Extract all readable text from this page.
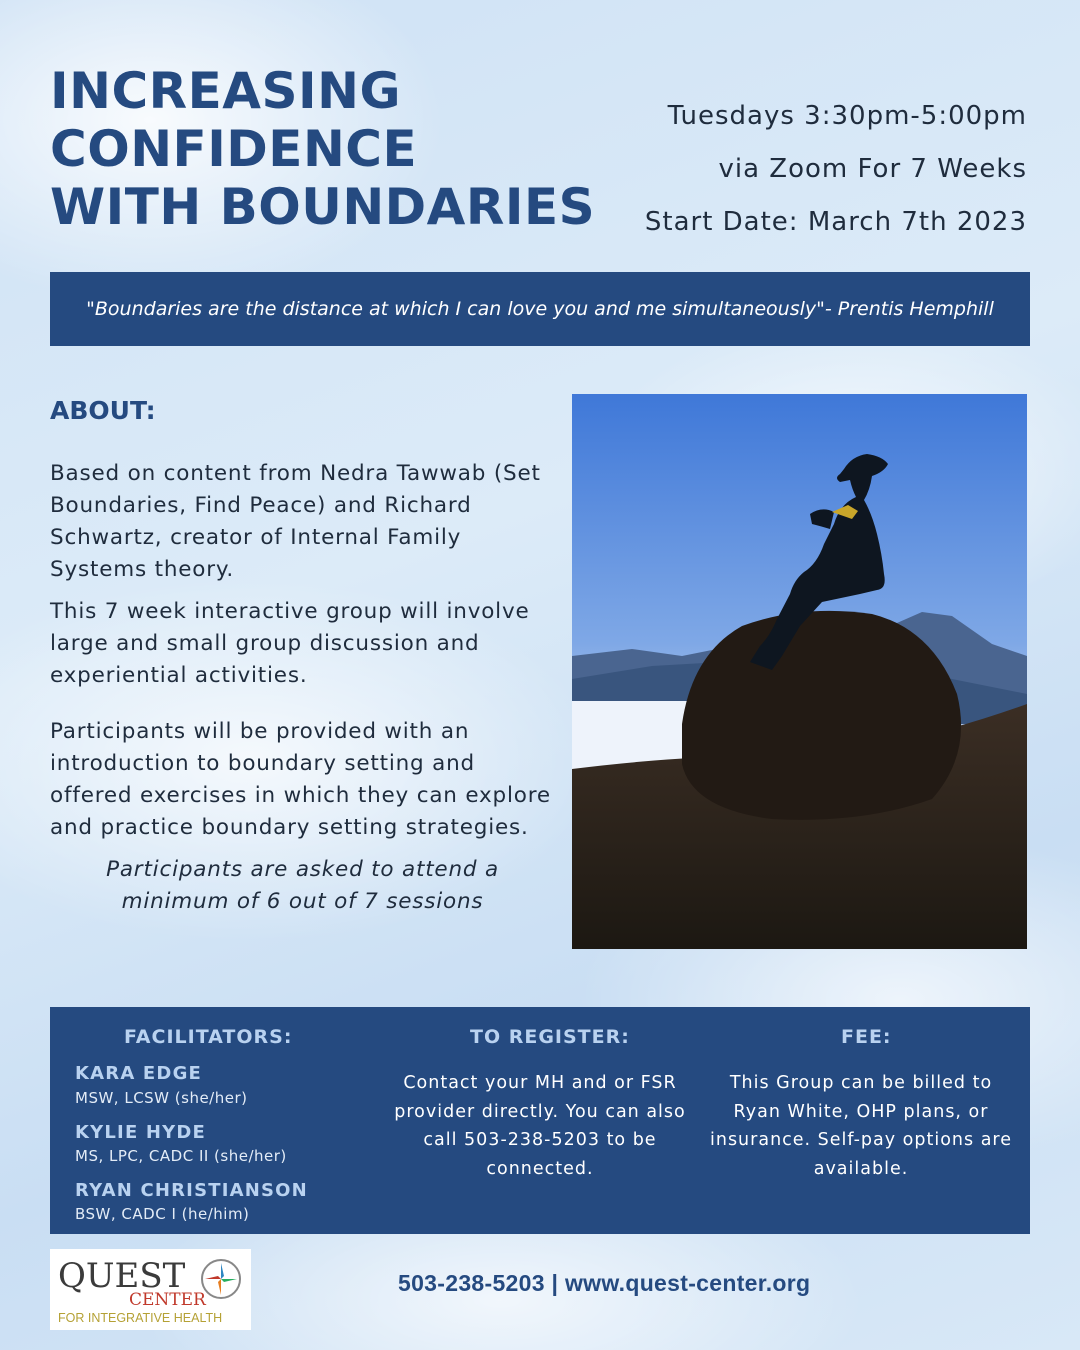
INCREASING
CONFIDENCE
WITH BOUNDARIES
Tuesdays 3:30pm-5:00pm
via Zoom For 7 Weeks
Start Date: March 7th 2023
"Boundaries are the distance at which I can love you and me simultaneously"- Prentis Hemphill
ABOUT:

Based on content from Nedra Tawwab (Set Boundaries, Find Peace) and Richard Schwartz, creator of Internal Family Systems theory.

This 7 week interactive group will involve large and small group discussion and experiential activities.

Participants will be provided with an introduction to boundary setting and offered exercises in which they can explore and practice boundary setting strategies.

Participants are asked to attend a minimum of 6 out of 7 sessions

FACILITATORS:
KARA EDGE
MSW, LCSW (she/her)
KYLIE HYDE
MS, LPC, CADC II (she/her)
RYAN CHRISTIANSON
BSW, CADC I (he/him)
TO REGISTER:
Contact your MH and or FSR provider directly. You can also call 503-238-5203 to be connected.
FEE:
This Group can be billed to Ryan White, OHP plans, or insurance. Self-pay options are available.
QUEST
CENTER
FOR INTEGRATIVE HEALTH
503-238-5203 | www.quest-center.org
